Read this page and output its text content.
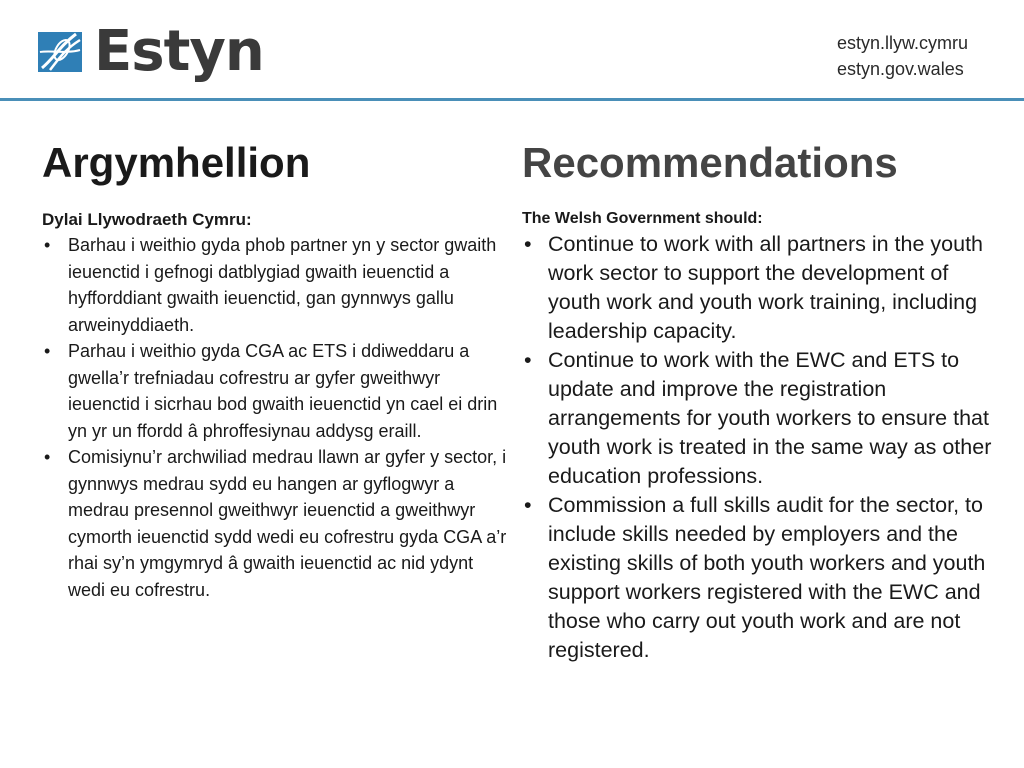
Estyn	estyn.llyw.cymru
estyn.gov.wales
Argymhellion
Dylai Llywodraeth Cymru:
• Barhau i weithio gyda phob partner yn y sector gwaith ieuenctid i gefnogi datblygiad gwaith ieuenctid a hyfforddiant gwaith ieuenctid, gan gynnwys gallu arweinyddiaeth.
• Parhau i weithio gyda CGA ac ETS i ddiweddaru a gwella’r trefniadau cofrestru ar gyfer gweithwyr ieuenctid i sicrhau bod gwaith ieuenctid yn cael ei drin yn yr un ffordd â phroffesiynau addysg eraill.
• Comisiynu’r archwiliad medrau llawn ar gyfer y sector, i gynnwys medrau sydd eu hangen ar gyflogwyr a medrau presennol gweithwyr ieuenctid a gweithwyr cymorth ieuenctid sydd wedi eu cofrestru gyda CGA a’r rhai sy’n ymgymryd â gwaith ieuenctid ac nid ydynt wedi eu cofrestru.
Recommendations
The Welsh Government should:
• Continue to work with all partners in the youth work sector to support the development of youth work and youth work training, including leadership capacity.
• Continue to work with the EWC and ETS to update and improve the registration arrangements for youth workers to ensure that youth work is treated in the same way as other education professions.
• Commission a full skills audit for the sector, to include skills needed by employers and the existing skills of both youth workers and youth support workers registered with the EWC and those who carry out youth work and are not registered.
